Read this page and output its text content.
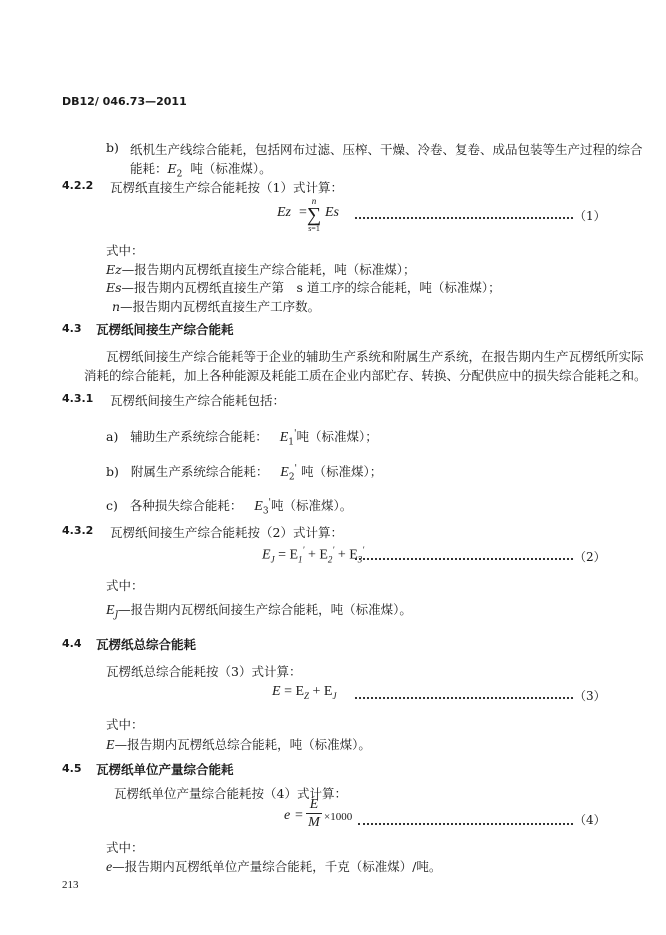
DB12/ 046.73—2011
b) 纸机生产线综合能耗，包括网布过滤、压榨、干燥、冷卷、复卷、成品包装等生产过程的综合
能耗：$E_2$ 吨（标准煤）。
4.2.2 瓦楞纸直接生产综合能耗按（1）式计算：
Ez =
n
∑
s=1
Es	（1）
式中：
Ez—报告期内瓦楞纸直接生产综合能耗，吨（标准煤）；
Es—报告期内瓦楞纸直接生产第　s 道工序的综合能耗，吨（标准煤）；
n—报告期内瓦楞纸直接生产工序数。
4.3 瓦楞纸间接生产综合能耗
瓦楞纸间接生产综合能耗等于企业的辅助生产系统和附属生产系统，在报告期内生产瓦楞纸所实际
消耗的综合能耗，加上各种能源及耗能工质在企业内部贮存、转换、分配供应中的损失综合能耗之和。
4.3.1 瓦楞纸间接生产综合能耗包括：
a) 辅助生产系统综合能耗： $E_1'$吨（标准煤）；
b) 附属生产系统综合能耗： $E_2'$ 吨（标准煤）；
c) 各种损失综合能耗： $E_3'$吨（标准煤）。
4.3.2 瓦楞纸间接生产综合能耗按（2）式计算：
$E_J = E_1' + E_2' + E_3'$	（2）
式中：
$E_J—$报告期内瓦楞纸间接生产综合能耗，吨（标准煤）。
4.4 瓦楞纸总综合能耗
瓦楞纸总综合能耗按（3）式计算：
$E = E_Z + E_J$	（3）
式中：
E—报告期内瓦楞纸总综合能耗，吨（标准煤）。
4.5 瓦楞纸单位产量综合能耗
瓦楞纸单位产量综合能耗按（4）式计算：
e =
E
M ×1000	（4）
式中：
e—报告期内瓦楞纸单位产量综合能耗，千克（标准煤）/吨。
213
